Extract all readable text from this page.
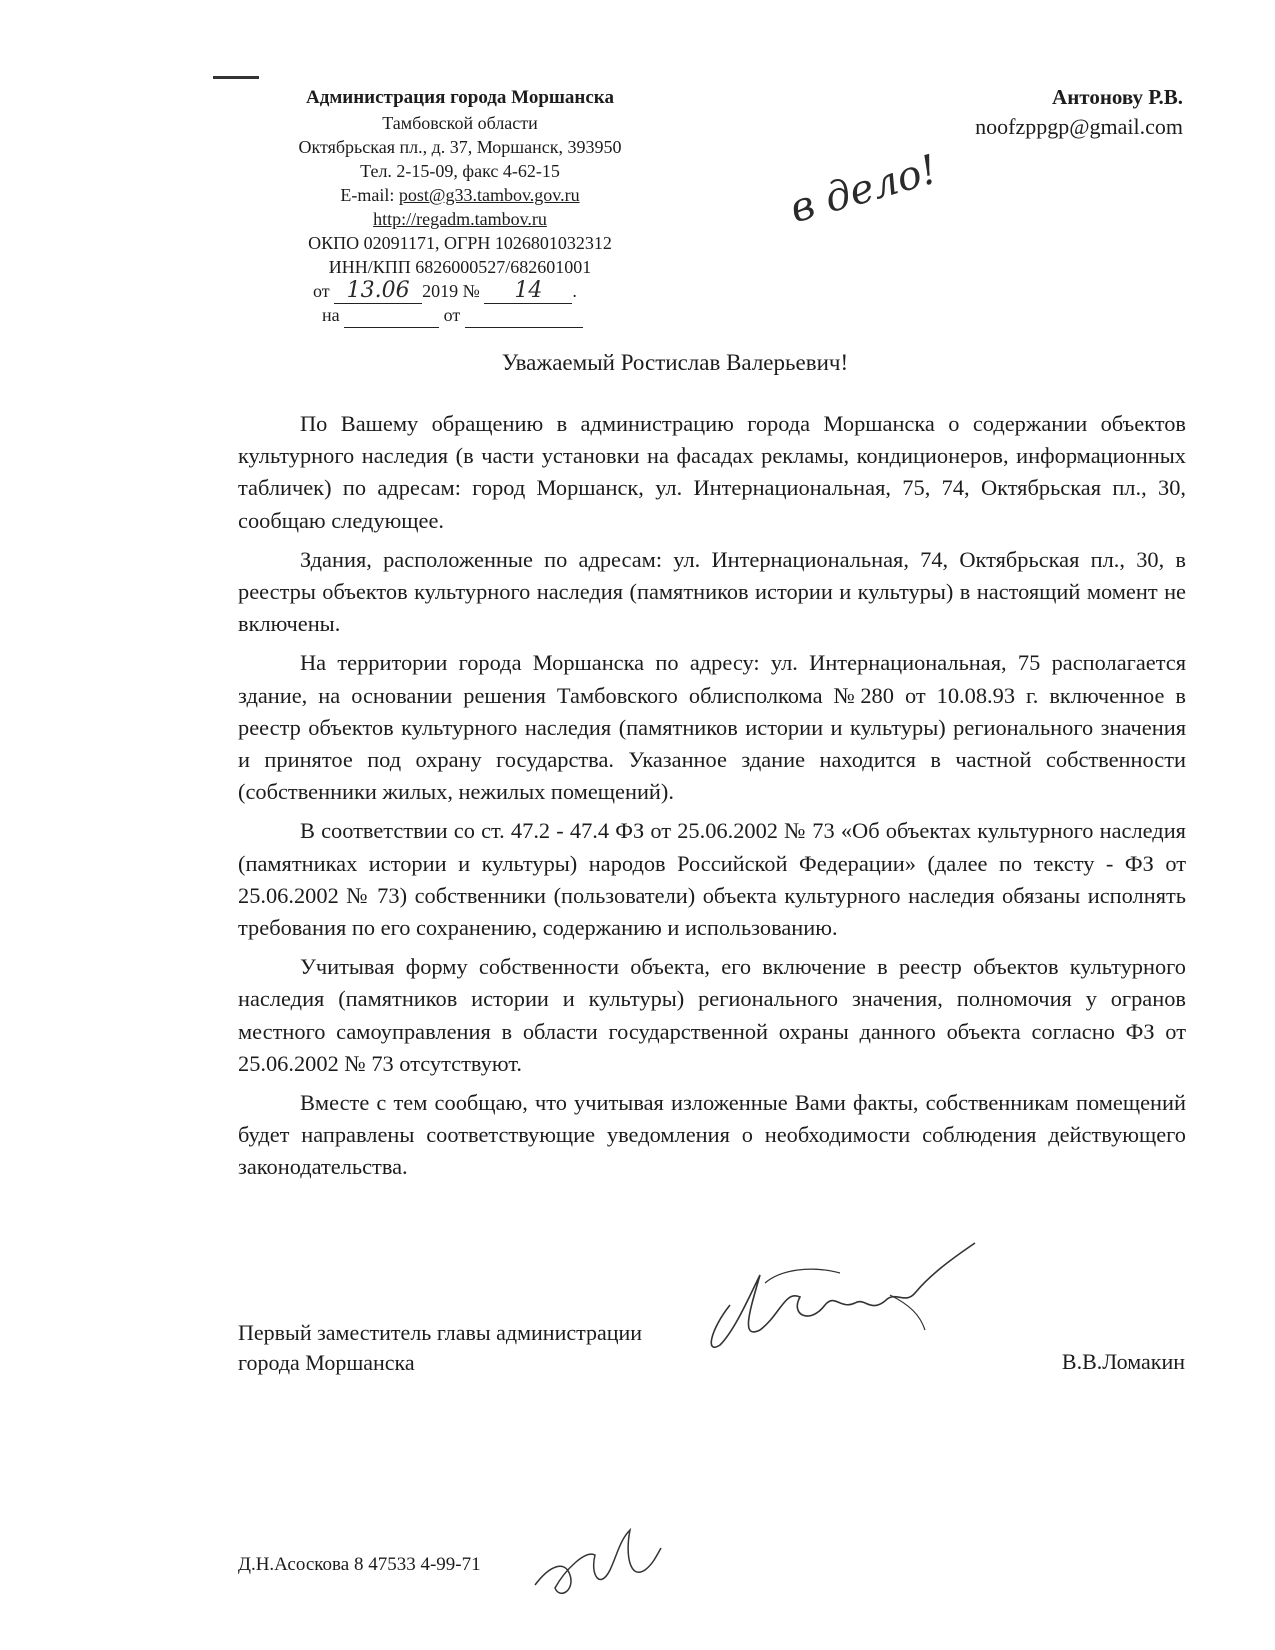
Администрация города Моршанска
Тамбовской области
Октябрьская пл., д. 37, Моршанск, 393950
Тел. 2-15-09, факс 4-62-15
E-mail: post@g33.tambov.gov.ru
http://regadm.tambov.ru
ОКПО 02091171, ОГРН 1026801032312
ИНН/КПП 6826000527/682601001
от 13.06 2019 № 14 .
на	от
Антонову Р.В.
noofzppgp@gmail.com
в дело!
Уважаемый Ростислав Валерьевич!

По Вашему обращению в администрацию города Моршанска о содержании объектов культурного наследия (в части установки на фасадах рекламы, кондиционеров, информационных табличек) по адресам: город Моршанск, ул. Интернациональная, 75, 74, Октябрьская пл., 30, сообщаю следующее.

Здания, расположенные по адресам: ул. Интернациональная, 74, Октябрьская пл., 30, в реестры объектов культурного наследия (памятников истории и культуры) в настоящий момент не включены.

На территории города Моршанска по адресу: ул. Интернациональная, 75 располагается здание, на основании решения Тамбовского облисполкома №280 от 10.08.93 г. включенное в реестр объектов культурного наследия (памятников истории и культуры) регионального значения и принятое под охрану государства. Указанное здание находится в частной собственности (собственники жилых, нежилых помещений).

В соответствии со ст. 47.2 - 47.4 ФЗ от 25.06.2002 № 73 «Об объектах культурного наследия (памятниках истории и культуры) народов Российской Федерации» (далее по тексту - ФЗ от 25.06.2002 № 73) собственники (пользователи) объекта культурного наследия обязаны исполнять требования по его сохранению, содержанию и использованию.

Учитывая форму собственности объекта, его включение в реестр объектов культурного наследия (памятников истории и культуры) регионального значения, полномочия у огранов местного самоуправления в области государственной охраны данного объекта согласно ФЗ от 25.06.2002 № 73 отсутствуют.

Вместе с тем сообщаю, что учитывая изложенные Вами факты, собственникам помещений будет направлены соответствующие уведомления о необходимости соблюдения действующего законодательства.

Первый заместитель главы администрации
города Моршанска	В.В.Ломакин
Д.Н.Асоскова 8 47533 4-99-71
